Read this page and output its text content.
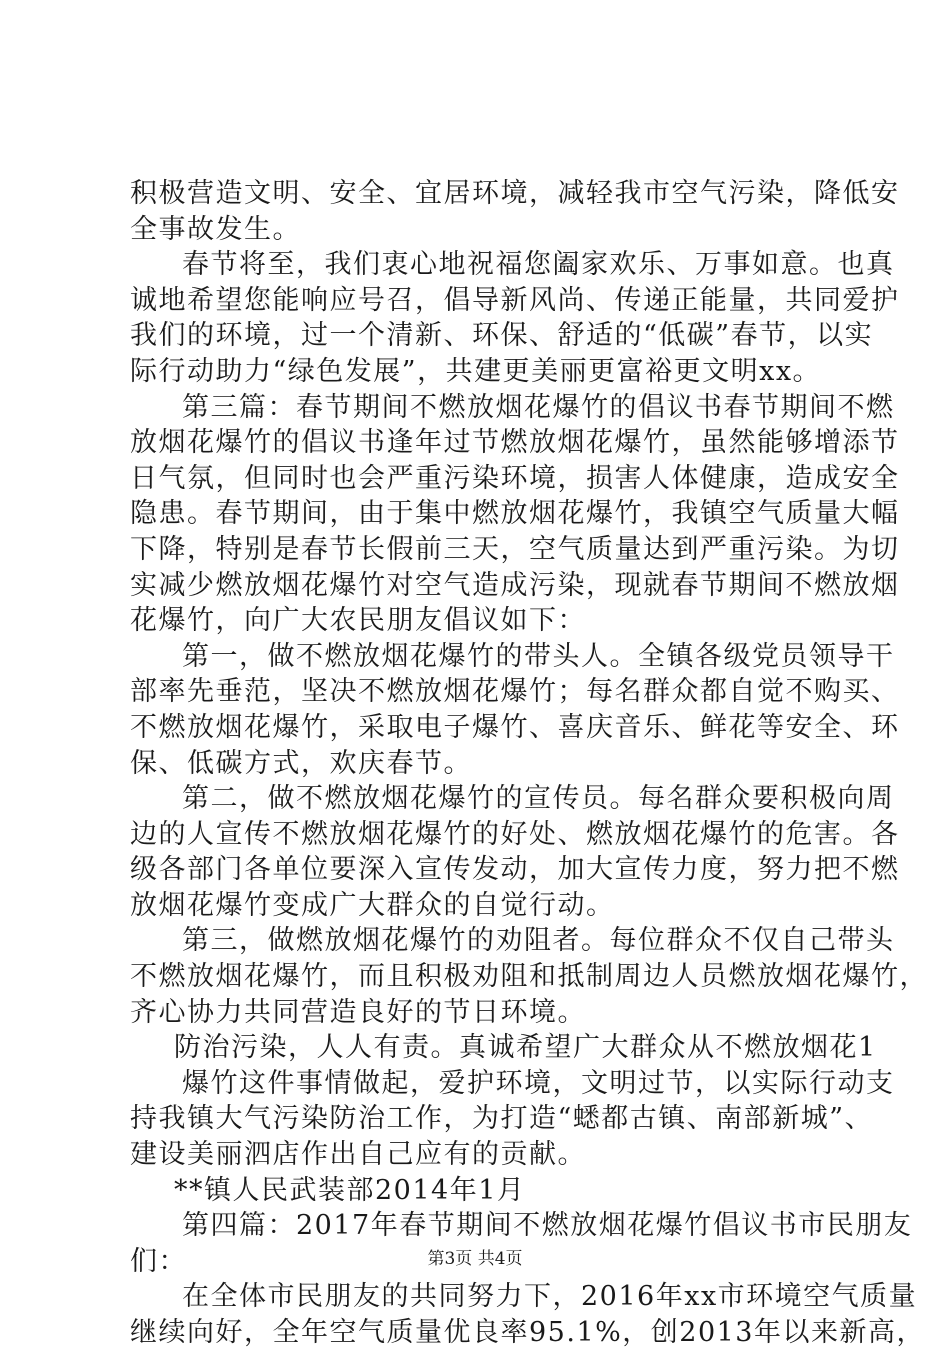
积极营造文明、安全、宜居环境，减轻我市空气污染，降低安
全事故发生。
春节将至，我们衷心地祝福您阖家欢乐、万事如意。也真
诚地希望您能响应号召，倡导新风尚、传递正能量，共同爱护
我们的环境，过一个清新、环保、舒适的“低碳”春节，以实
际行动助力“绿色发展”，共建更美丽更富裕更文明xx。
第三篇：春节期间不燃放烟花爆竹的倡议书春节期间不燃
放烟花爆竹的倡议书逢年过节燃放烟花爆竹，虽然能够增添节
日气氛，但同时也会严重污染环境，损害人体健康，造成安全
隐患。春节期间，由于集中燃放烟花爆竹，我镇空气质量大幅
下降，特别是春节长假前三天，空气质量达到严重污染。为切
实减少燃放烟花爆竹对空气造成污染，现就春节期间不燃放烟
花爆竹，向广大农民朋友倡议如下：
第一，做不燃放烟花爆竹的带头人。全镇各级党员领导干
部率先垂范，坚决不燃放烟花爆竹；每名群众都自觉不购买、
不燃放烟花爆竹，采取电子爆竹、喜庆音乐、鲜花等安全、环
保、低碳方式，欢庆春节。
第二，做不燃放烟花爆竹的宣传员。每名群众要积极向周
边的人宣传不燃放烟花爆竹的好处、燃放烟花爆竹的危害。各
级各部门各单位要深入宣传发动，加大宣传力度，努力把不燃
放烟花爆竹变成广大群众的自觉行动。
第三，做燃放烟花爆竹的劝阻者。每位群众不仅自己带头
不燃放烟花爆竹，而且积极劝阻和抵制周边人员燃放烟花爆竹，
齐心协力共同营造良好的节日环境。
防治污染，人人有责。真诚希望广大群众从不燃放烟花1
爆竹这件事情做起，爱护环境，文明过节，以实际行动支
持我镇大气污染防治工作，为打造“蟋都古镇、南部新城”、
建设美丽泗店作出自己应有的贡献。
**镇人民武装部2014年1月
第四篇：2017年春节期间不燃放烟花爆竹倡议书市民朋友
们：
在全体市民朋友的共同努力下，2016年xx市环境空气质量
继续向好，全年空气质量优良率95.1%，创2013年以来新高，
第3页 共4页
